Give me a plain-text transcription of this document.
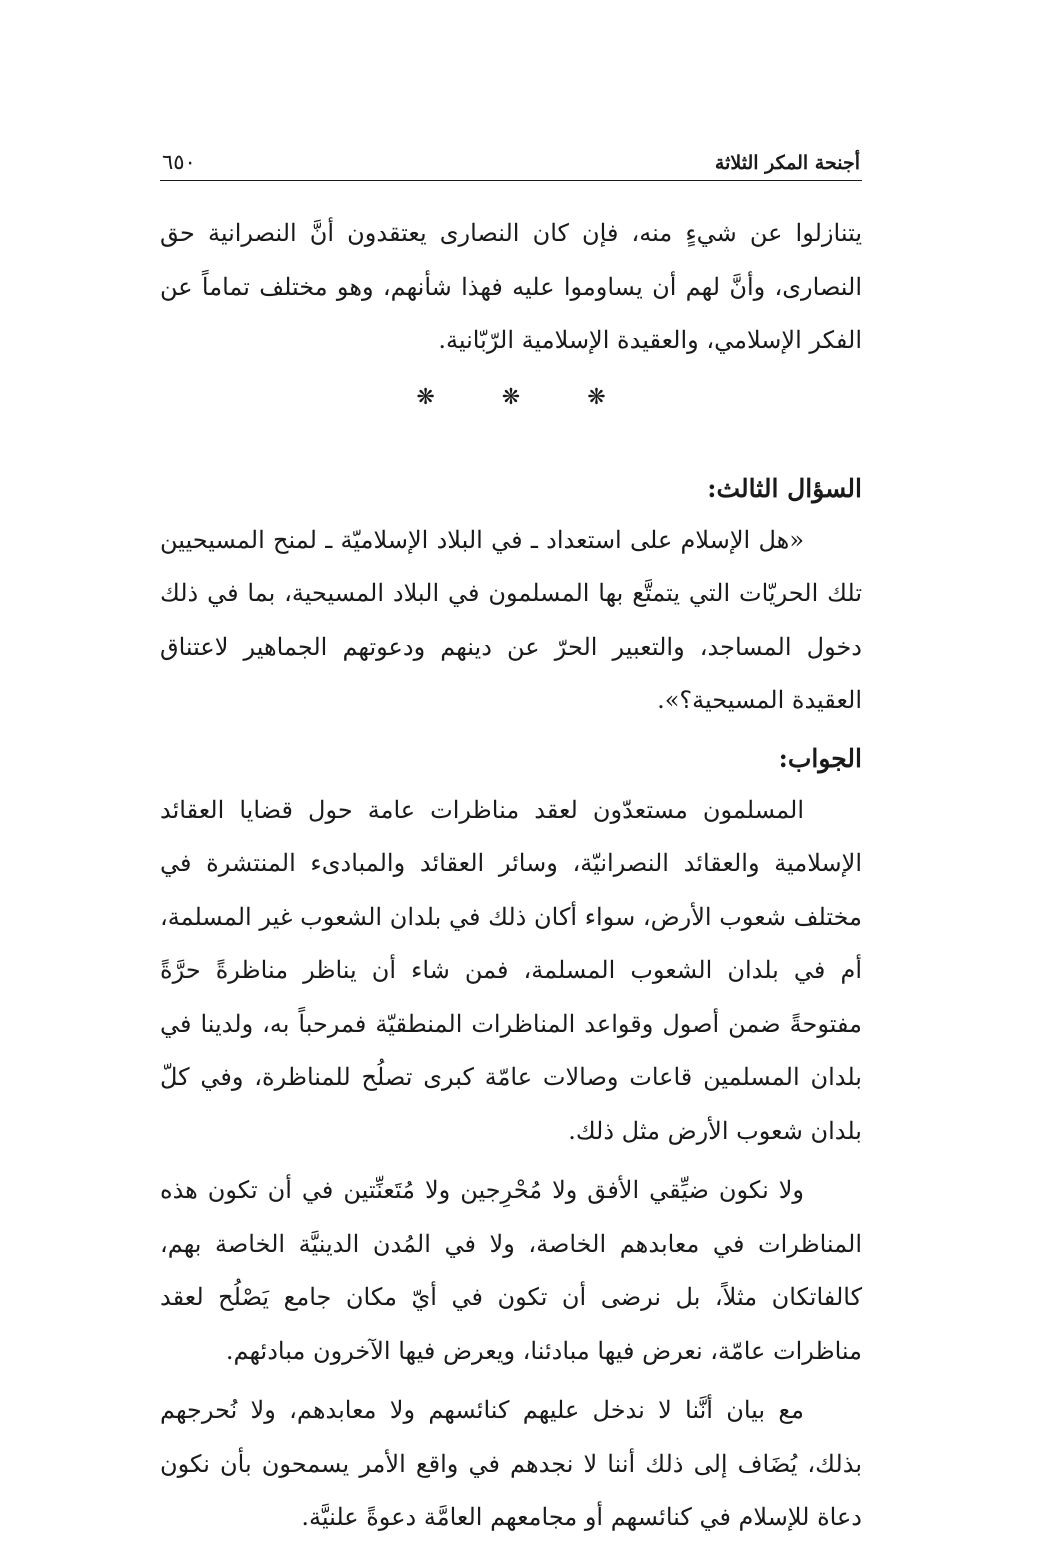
أجنحة المكر الثلاثة
٦٥٠

يتنازلوا عن شيءٍ منه، فإن كان النصارى يعتقدون أنَّ النصرانية حق النصارى، وأنَّ لهم أن يساوموا عليه فهذا شأنهم، وهو مختلف تماماً عن الفكر الإسلامي، والعقيدة الإسلامية الرّبّانية.

❋ ❋ ❋
السؤال الثالث:

«هل الإسلام على استعداد ـ في البلاد الإسلاميّة ـ لمنح المسيحيين تلك الحريّات التي يتمتَّع بها المسلمون في البلاد المسيحية، بما في ذلك دخول المساجد، والتعبير الحرّ عن دينهم ودعوتهم الجماهير لاعتناق العقيدة المسيحية؟».

الجواب:

المسلمون مستعدّون لعقد مناظرات عامة حول قضايا العقائد الإسلامية والعقائد النصرانيّة، وسائر العقائد والمبادىء المنتشرة في مختلف شعوب الأرض، سواء أكان ذلك في بلدان الشعوب غير المسلمة، أم في بلدان الشعوب المسلمة، فمن شاء أن يناظر مناظرةً حرَّةً مفتوحةً ضمن أصول وقواعد المناظرات المنطقيّة فمرحباً به، ولدينا في بلدان المسلمين قاعات وصالات عامّة كبرى تصلُح للمناظرة، وفي كلّ بلدان شعوب الأرض مثل ذلك.

ولا نكون ضيِّقي الأفق ولا مُحْرِجين ولا مُتَعنِّتين في أن تكون هذه المناظرات في معابدهم الخاصة، ولا في المُدن الدينيَّة الخاصة بهم، كالفاتكان مثلاً، بل نرضى أن تكون في أيّ مكان جامع يَصْلُح لعقد مناظرات عامّة، نعرض فيها مبادئنا، ويعرض فيها الآخرون مبادئهم.

مع بيان أنَّنا لا ندخل عليهم كنائسهم ولا معابدهم، ولا نُحرجهم بذلك، يُضَاف إلى ذلك أننا لا نجدهم في واقع الأمر يسمحون بأن نكون دعاة للإسلام في كنائسهم أو مجامعهم العامَّة دعوةً علنيَّة.
